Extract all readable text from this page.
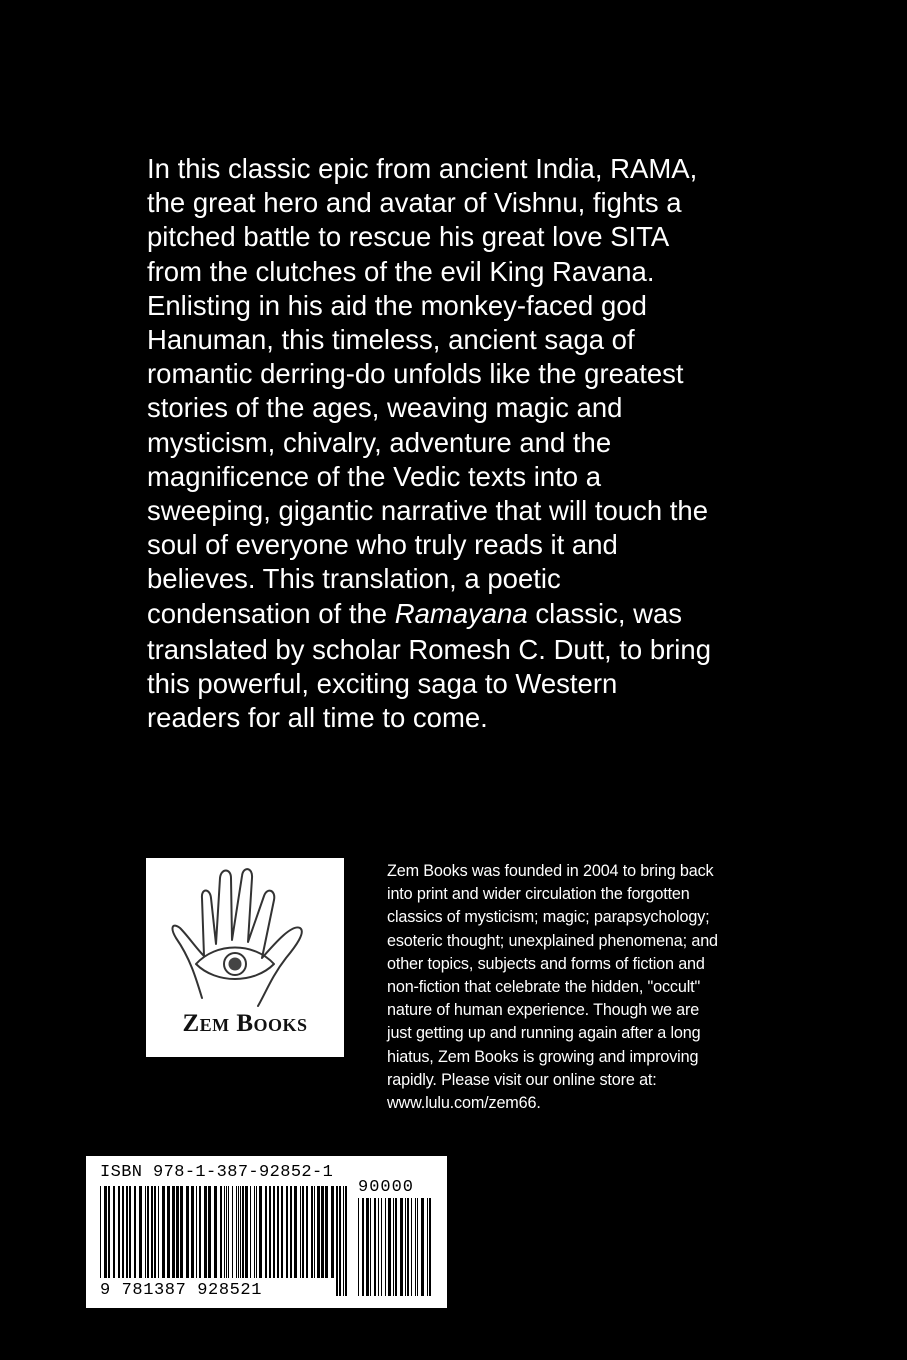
In this classic epic from ancient India, RAMA,
the great hero and avatar of Vishnu, fights a
pitched battle to rescue his great love SITA
from the clutches of the evil King Ravana.
Enlisting in his aid the monkey-faced god
Hanuman, this timeless, ancient saga of
romantic derring-do unfolds like the greatest
stories of the ages, weaving magic and
mysticism, chivalry, adventure and the
magnificence of the Vedic texts into a
sweeping, gigantic narrative that will touch the
soul of everyone who truly reads it and
believes. This translation, a poetic
condensation of the Ramayana classic, was
translated by scholar Romesh C. Dutt, to bring
this powerful, exciting saga to Western
readers for all time to come.
Zem Books
Zem Books was founded in 2004 to bring back
into print and wider circulation the forgotten
classics of mysticism; magic; parapsychology;
esoteric thought; unexplained phenomena; and
other topics, subjects and forms of fiction and
non-fiction that celebrate the hidden, "occult"
nature of human experience. Though we are
just getting up and running again after a long
hiatus, Zem Books is growing and improving
rapidly. Please visit our online store at:
www.lulu.com/zem66.
ISBN 978-1-387-92852-1
90000
9 781387 928521
